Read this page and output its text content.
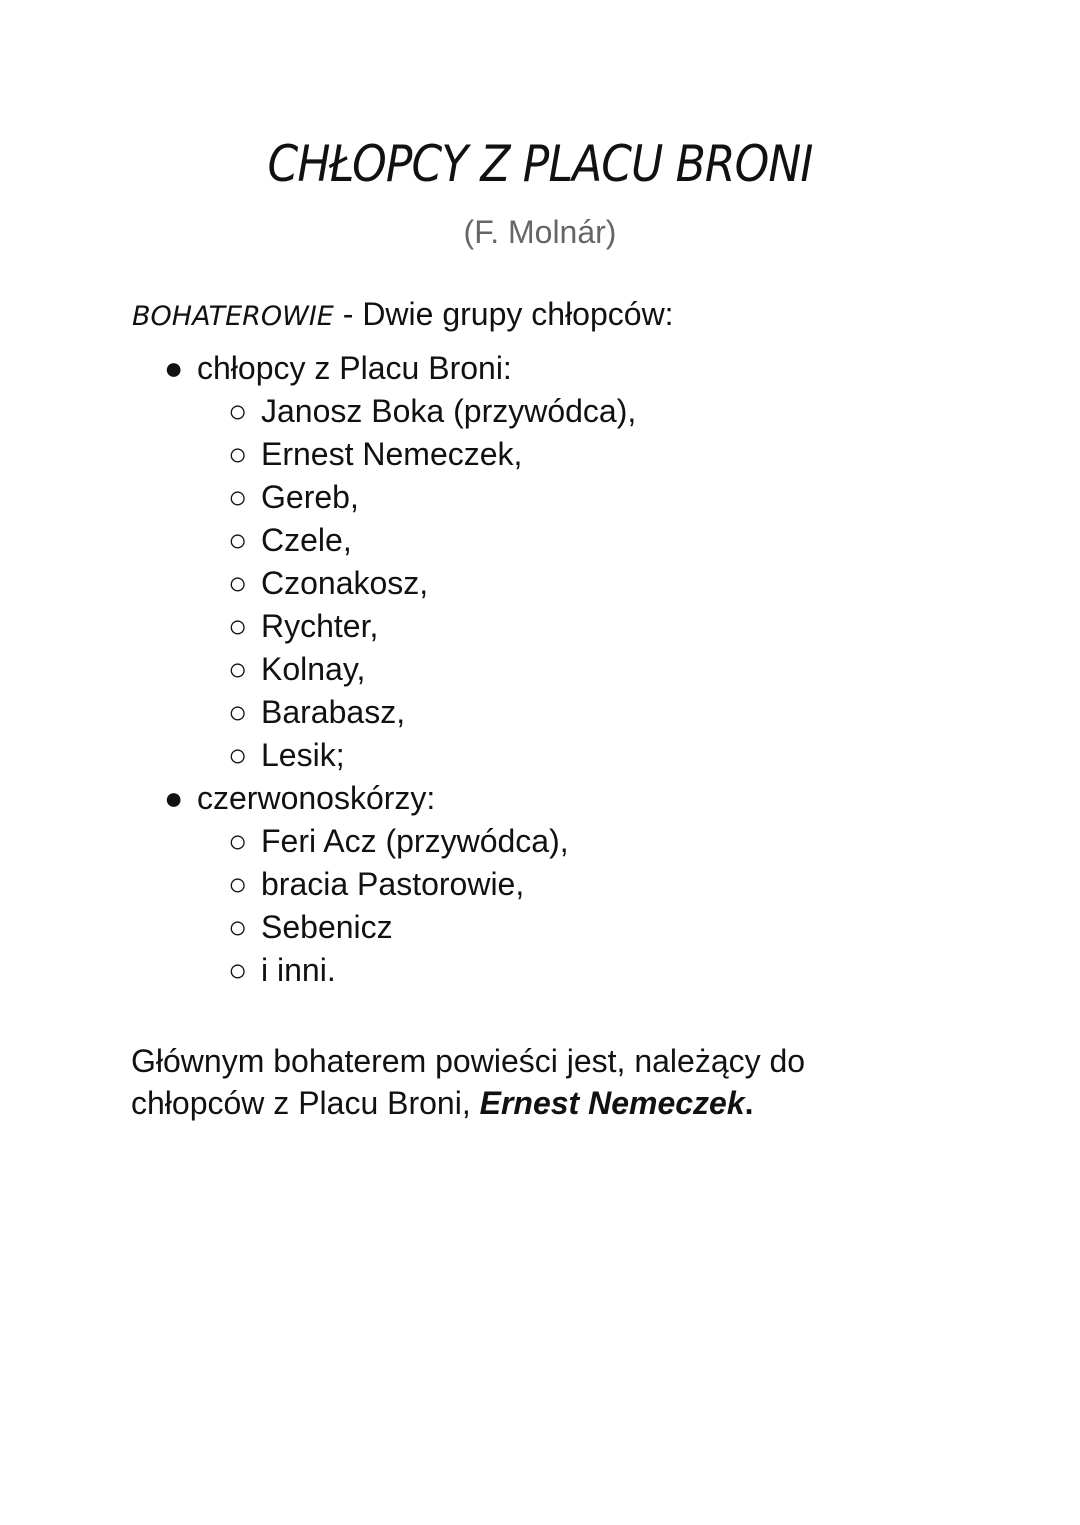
CHŁOPCY Z PLACU BRONI
(F. Molnár)
BOHATEROWIE - Dwie grupy chłopców:
● chłopcy z Placu Broni:
○ Janosz Boka (przywódca),
○ Ernest Nemeczek,
○ Gereb,
○ Czele,
○ Czonakosz,
○ Rychter,
○ Kolnay,
○ Barabasz,
○ Lesik;
● czerwonoskórzy:
○ Feri Acz (przywódca),
○ bracia Pastorowie,
○ Sebenicz
○ i inni.
Głównym bohaterem powieści jest, należący do
chłopców z Placu Broni, Ernest Nemeczek.
